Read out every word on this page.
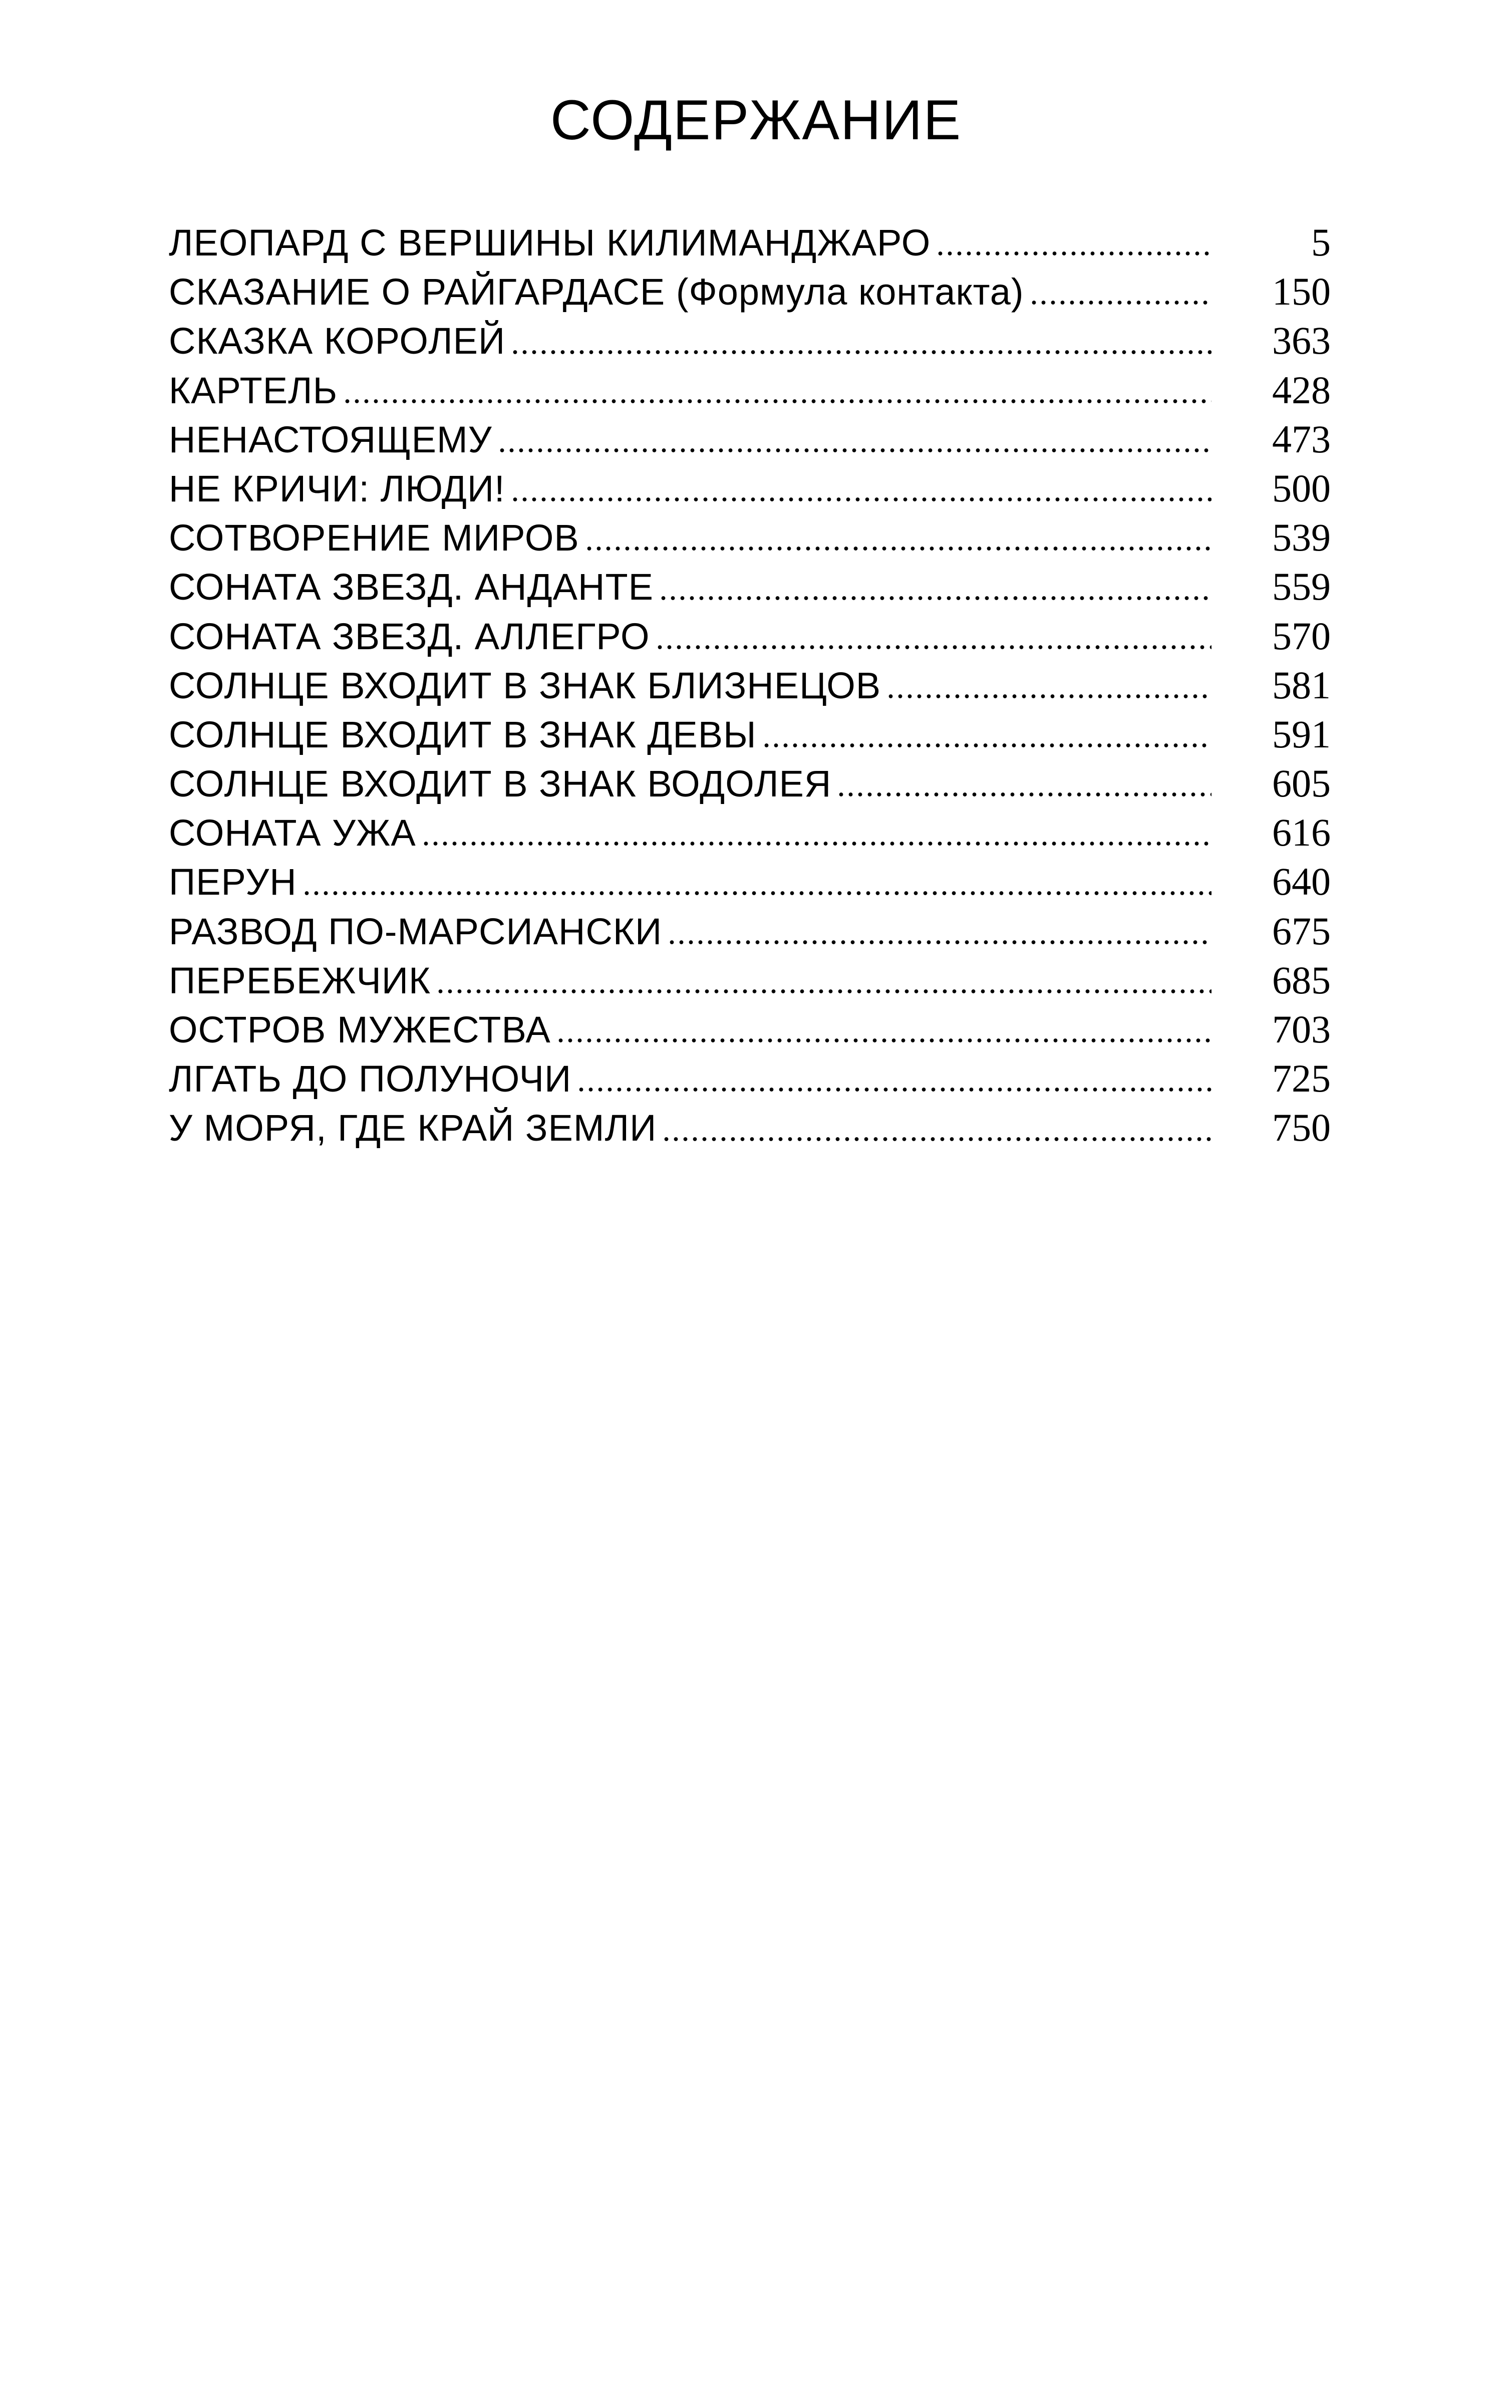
СОДЕРЖАНИЕ
ЛЕОПАРД С ВЕРШИНЫ КИЛИМАНДЖАРО	5
СКАЗАНИЕ О РАЙГАРДАСЕ (Формула контакта)	150
СКАЗКА КОРОЛЕЙ	363
КАРТЕЛЬ	428
НЕНАСТОЯЩЕМУ	473
НЕ КРИЧИ: ЛЮДИ!	500
СОТВОРЕНИЕ МИРОВ	539
СОНАТА ЗВЕЗД. АНДАНТЕ	559
СОНАТА ЗВЕЗД. АЛЛЕГРО	570
СОЛНЦЕ ВХОДИТ В ЗНАК БЛИЗНЕЦОВ	581
СОЛНЦЕ ВХОДИТ В ЗНАК ДЕВЫ	591
СОЛНЦЕ ВХОДИТ В ЗНАК ВОДОЛЕЯ	605
СОНАТА УЖА	616
ПЕРУН	640
РАЗВОД ПО-МАРСИАНСКИ	675
ПЕРЕБЕЖЧИК	685
ОСТРОВ МУЖЕСТВА	703
ЛГАТЬ ДО ПОЛУНОЧИ	725
У МОРЯ, ГДЕ КРАЙ ЗЕМЛИ	750
